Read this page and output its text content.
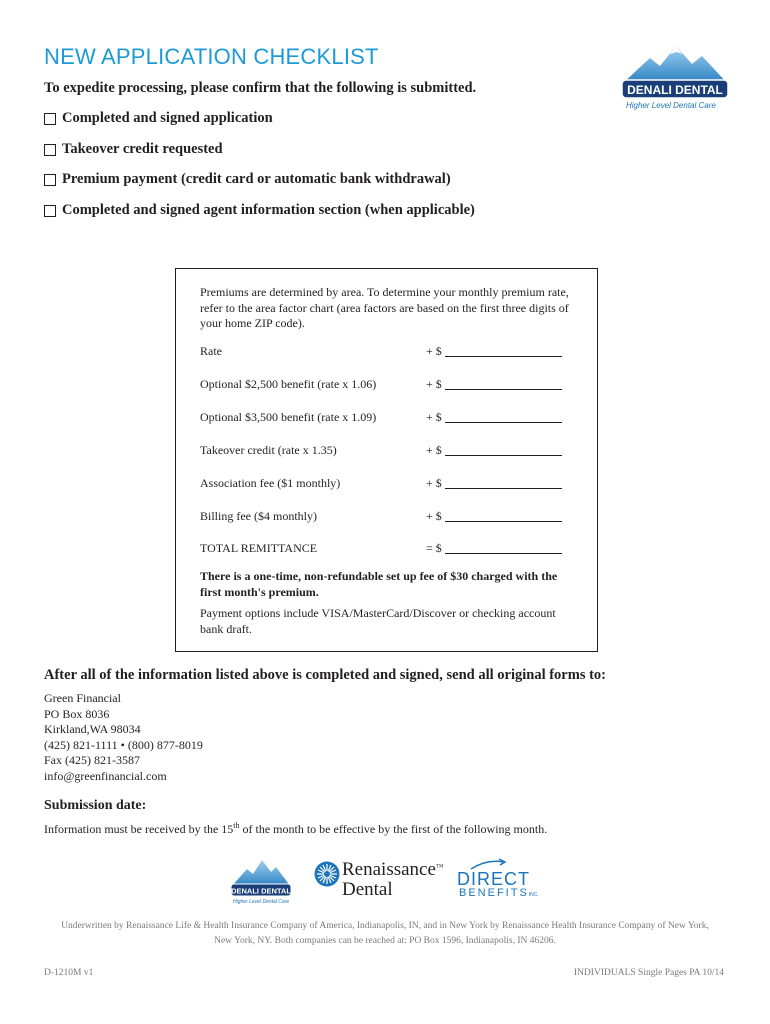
NEW APPLICATION CHECKLIST
To expedite processing, please confirm that the following is submitted.
Completed and signed application
Takeover credit requested
Premium payment (credit card or automatic bank withdrawal)
Completed and signed agent information section (when applicable)
DENALI DENTAL
Higher Level Dental Care
Premiums are determined by area. To determine your monthly premium rate, refer to the area factor chart (area factors are based on the first three digits of your home ZIP code).
Rate	+ $
Optional $2,500 benefit (rate x 1.06)	+ $
Optional $3,500 benefit (rate x 1.09)	+ $
Takeover credit (rate x 1.35)	+ $
Association fee ($1 monthly)	+ $
Billing fee ($4 monthly)	+ $
TOTAL REMITTANCE	= $
There is a one-time, non-refundable set up fee of $30 charged with the first month's premium.
Payment options include VISA/MasterCard/Discover or checking account bank draft.
After all of the information listed above is completed and signed, send all original forms to:
Green Financial
PO Box 8036
Kirkland,WA 98034
(425) 821-1111 • (800) 877-8019
Fax (425) 821-3587
info@greenfinancial.com
Submission date:
Information must be received by the 15th of the month to be effective by the first of the following month.
DENALI DENTAL
Higher Level Dental Care
Renaissance™
Dental	DIRECT
BENEFITSINC.
Underwritten by Renaissance Life & Health Insurance Company of America, Indianapolis, IN, and in New York by Renaissance Health Insurance Company of New York, New York, NY. Both companies can be reached at: PO Box 1596, Indianapolis, IN 46206.
D-1210M v1	INDIVIDUALS Single Pages PA 10/14
